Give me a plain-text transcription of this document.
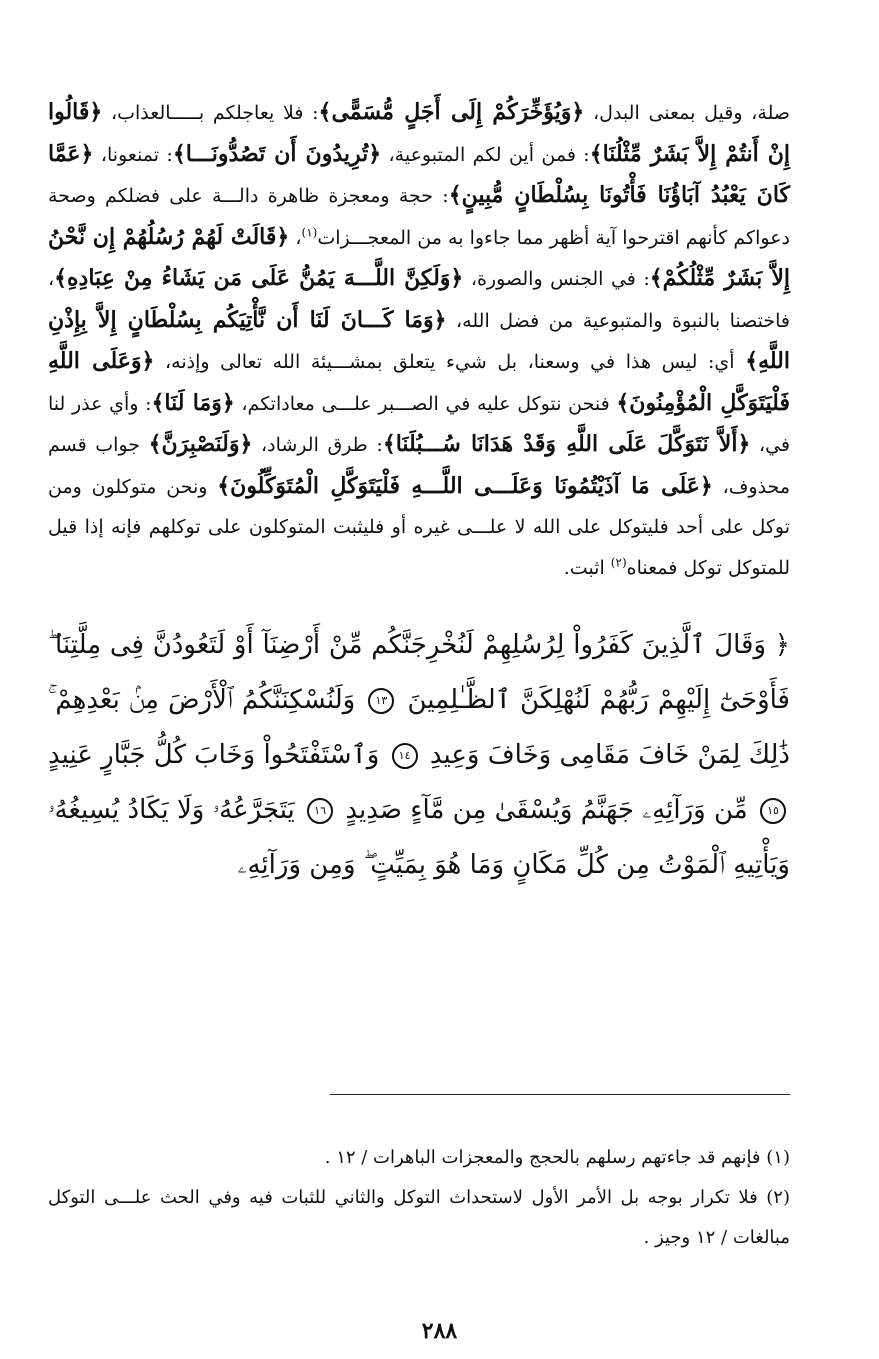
صلة، وقيل بمعنى البدل، ﴿وَيُؤَخِّرَكُمْ إِلَى أَجَلٍ مُّسَمًّى﴾: فلا يعاجلكم بـــــالعذاب، ﴿قَالُوا إِنْ أَنتُمْ إِلاَّ بَشَرٌ مِّثْلُنَا﴾: فمن أين لكم المتبوعية، ﴿تُرِيدُونَ أَن تَصُدُّونَـــا﴾: تمنعونا، ﴿عَمَّا كَانَ يَعْبُدُ آبَاؤُنَا فَأْتُونَا بِسُلْطَانٍ مُّبِينٍ﴾: حجة ومعجزة ظاهرة دالـــة على فضلكم وصحة دعواكم كأنهم اقترحوا آية أظهر مما جاءوا به من المعجـــزات$^{(١)}$، ﴿قَالَتْ لَهُمْ رُسُلُهُمْ إِن نَّحْنُ إِلاَّ بَشَرٌ مِّثْلُكُمْ﴾: في الجنس والصورة، ﴿وَلَكِنَّ اللَّـــهَ يَمُنُّ عَلَى مَن يَشَاءُ مِنْ عِبَادِهِ﴾، فاختصنا بالنبوة والمتبوعية من فضل الله، ﴿وَمَا كَـــانَ لَنَا أَن نَّأْتِيَكُم بِسُلْطَانٍ إِلاَّ بِإِذْنِ اللَّهِ﴾ أي: ليس هذا في وسعنا، بل شيء يتعلق بمشـــيئة الله تعالى وإذنه، ﴿وَعَلَى اللَّهِ فَلْيَتَوَكَّلِ الْمُؤْمِنُونَ﴾ فنحن نتوكل عليه في الصـــبر علـــى معاداتكم، ﴿وَمَا لَنَا﴾: وأي عذر لنا في، ﴿أَلاَّ نَتَوَكَّلَ عَلَى اللَّهِ وَقَدْ هَدَانَا سُـــبُلَنَا﴾: طرق الرشاد، ﴿وَلَنَصْبِرَنَّ﴾ جواب قسم محذوف، ﴿عَلَى مَا آذَيْتُمُونَا وَعَلَـــى اللَّـــهِ فَلْيَتَوَكَّلِ الْمُتَوَكِّلُونَ﴾ ونحن متوكلون ومن توكل على أحد فليتوكل على الله لا علـــى غيره أو فليثبت المتوكلون على توكلهم فإنه إذا قيل للمتوكل توكل فمعناه$^{(٢)}$ اثبت.

﴿ وَقَالَ ٱلَّذِينَ كَفَرُواْ لِرُسُلِهِمْ لَنُخْرِجَنَّكُم مِّنْ أَرْضِنَآ أَوْ لَتَعُودُنَّ فِى مِلَّتِنَا ۖ فَأَوْحَىٰٓ إِلَيْهِمْ رَبُّهُمْ لَنُهْلِكَنَّ ٱلظَّـٰلِمِينَ ١٣ وَلَنُسْكِنَنَّكُمُ ٱلْأَرْضَ مِنۢ بَعْدِهِمْ ۚ ذَٰلِكَ لِمَنْ خَافَ مَقَامِى وَخَافَ وَعِيدِ ١٤ وَٱسْتَفْتَحُواْ وَخَابَ كُلُّ جَبَّارٍ عَنِيدٍ ١٥ مِّن وَرَآئِهِۦ جَهَنَّمُ وَيُسْقَىٰ مِن مَّآءٍ صَدِيدٍ ١٦ يَتَجَرَّعُهُۥ وَلَا يَكَادُ يُسِيغُهُۥ وَيَأْتِيهِ ٱلْمَوْتُ مِن كُلِّ مَكَانٍ وَمَا هُوَ بِمَيِّتٍ ۖ وَمِن وَرَآئِهِۦ

(١) فإنهم قد جاءتهم رسلهم بالحجج والمعجزات الباهرات / ١٢ .

(٢) فلا تكرار بوجه بل الأمر الأول لاستحداث التوكل والثاني للثبات فيه وفي الحث علـــى التوكل مبالغات / ١٢ وجيز .

٢٨٨
